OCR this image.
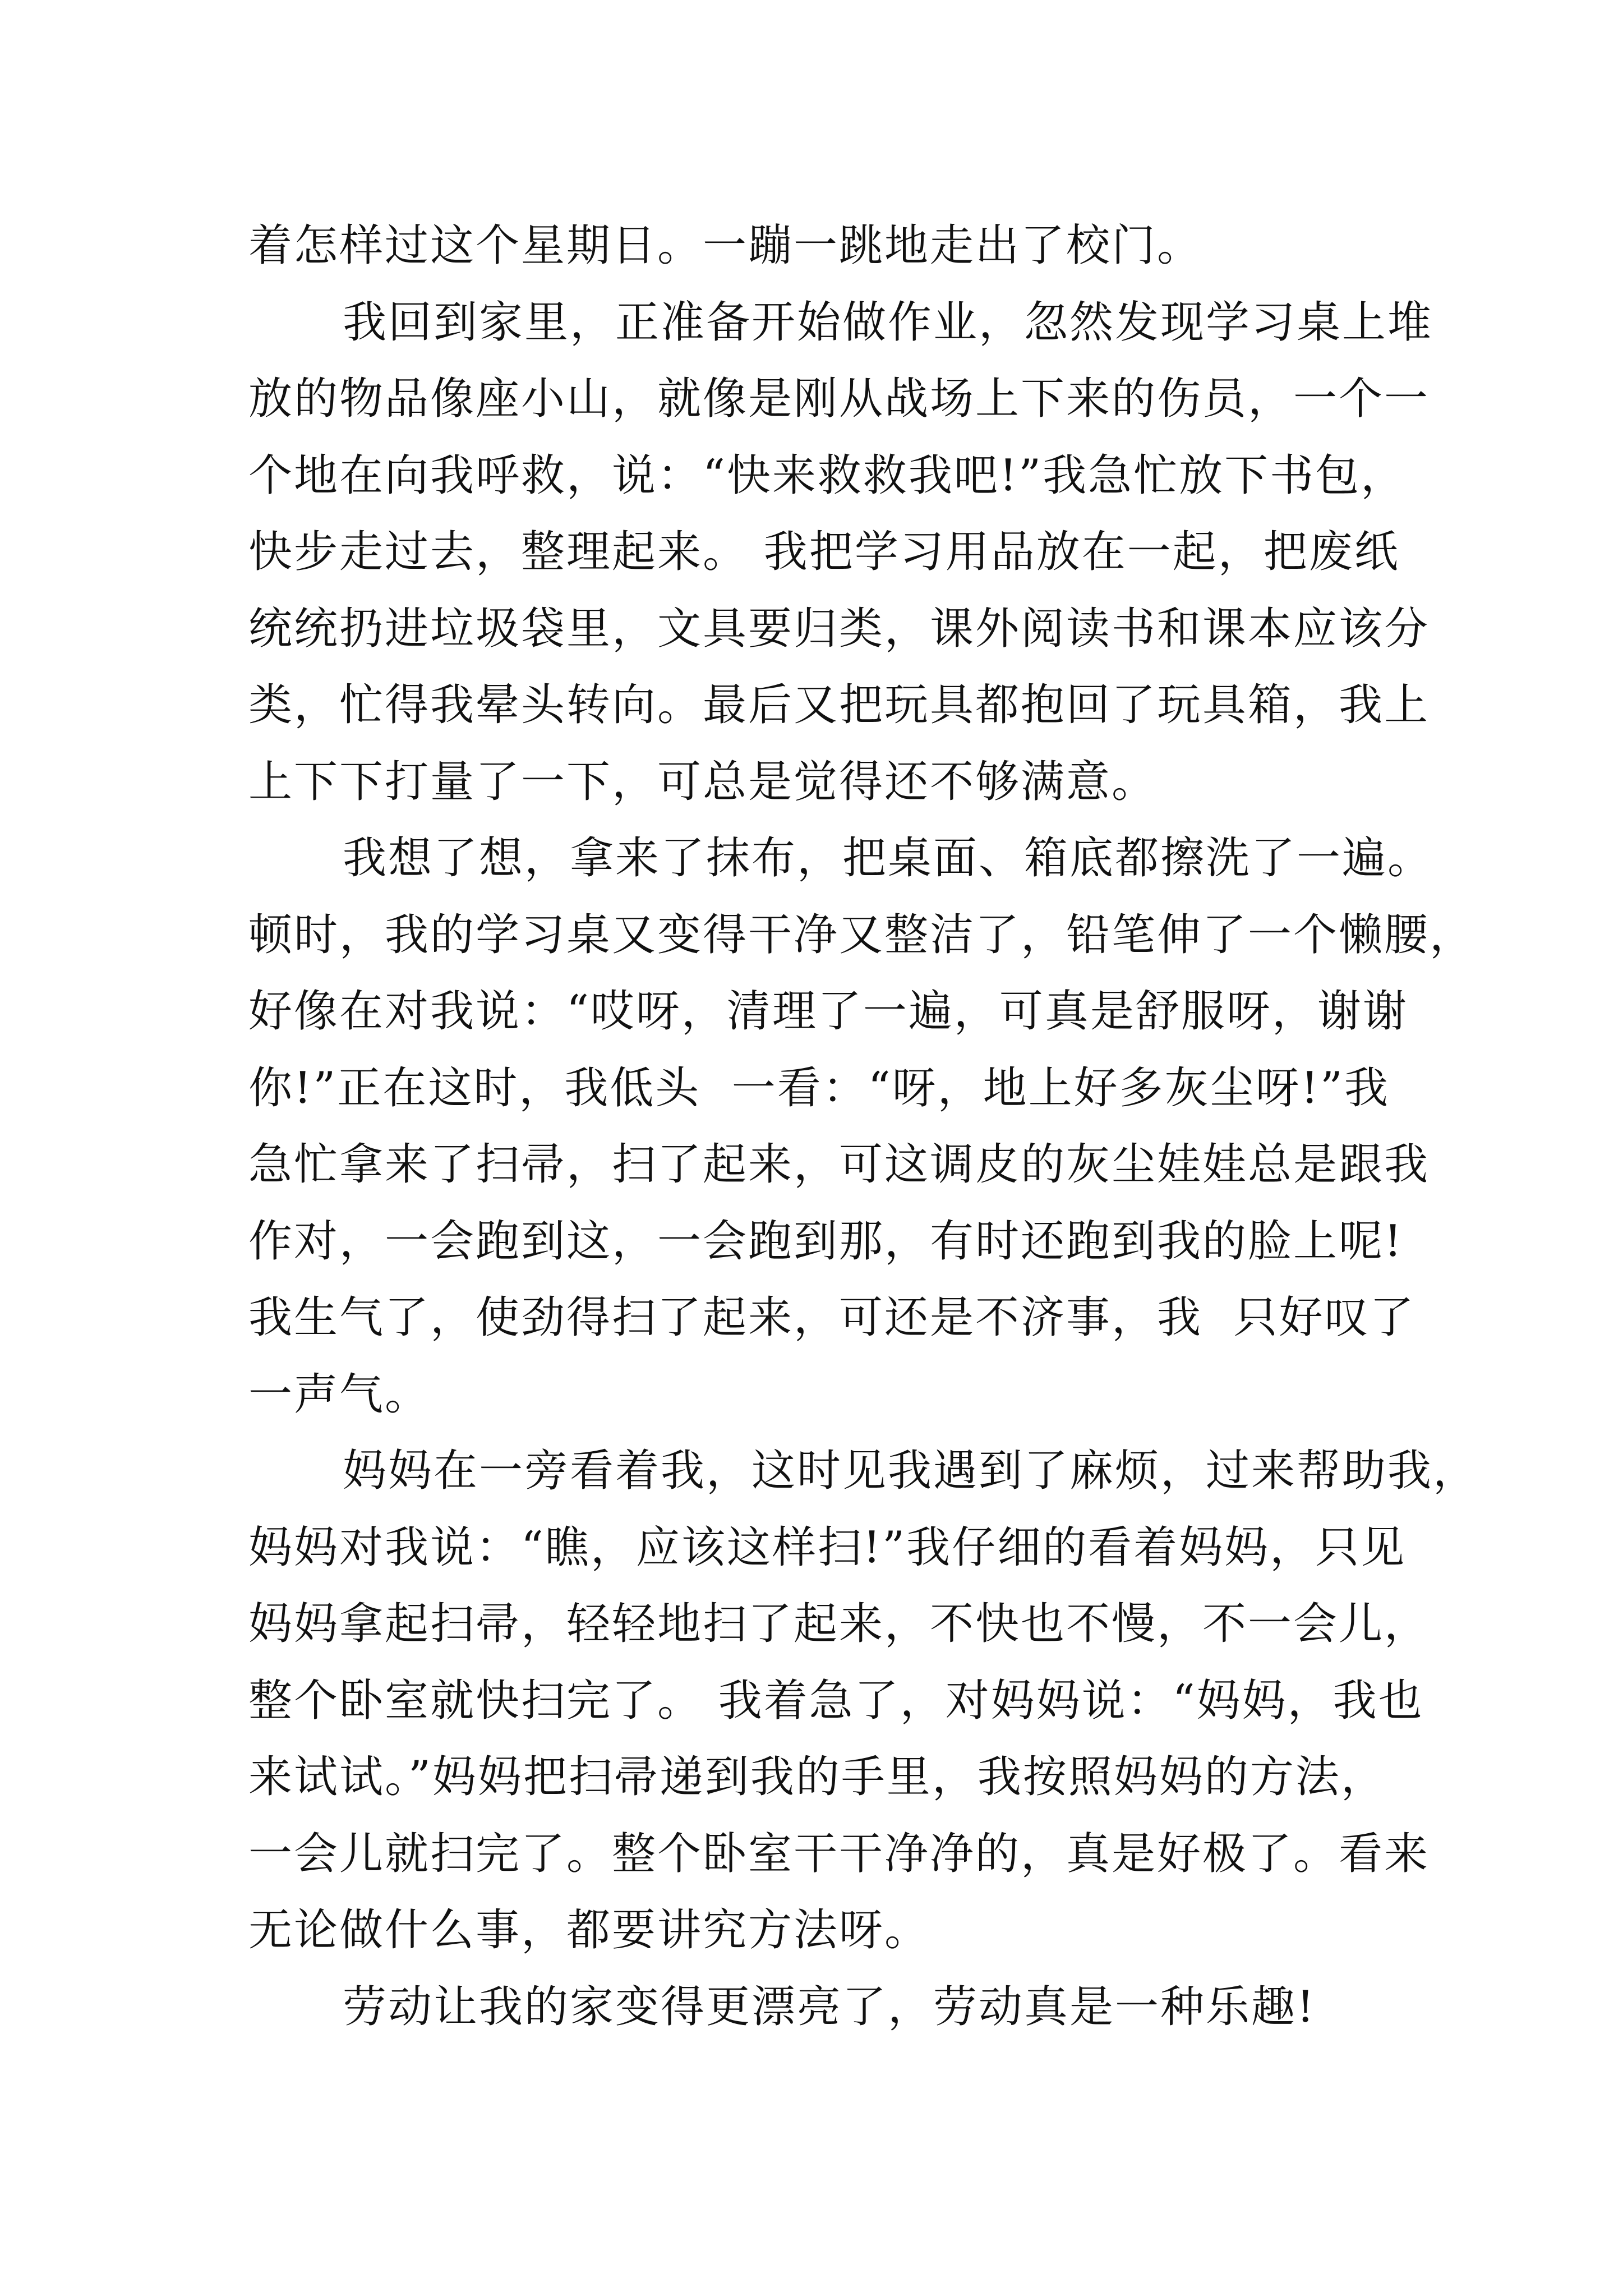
着怎样过这个星期日。一蹦一跳地走出了校门。
我回到家里，正准备开始做作业，忽然发现学习桌上堆
放的物品像座小山，就像是刚从战场上下来的伤员，一个一
个地在向我呼救，说：“快来救救我吧!”我急忙放下书包，
快步走过去，整理起来。 我把学习用品放在一起，把废纸
统统扔进垃圾袋里，文具要归类，课外阅读书和课本应该分
类，忙得我晕头转向。最后又把玩具都抱回了玩具箱，我上
上下下打量了一下，可总是觉得还不够满意。
我想了想，拿来了抹布，把桌面、箱底都擦洗了一遍。
顿时，我的学习桌又变得干净又整洁了，铅笔伸了一个懒腰，
好像在对我说：“哎呀，清理了一遍，可真是舒服呀，谢谢
你!”正在这时，我低头  一看：“呀，地上好多灰尘呀!”我
急忙拿来了扫帚，扫了起来，可这调皮的灰尘娃娃总是跟我
作对，一会跑到这，一会跑到那，有时还跑到我的脸上呢!
我生气了，使劲得扫了起来，可还是不济事，我  只好叹了
一声气。
妈妈在一旁看着我，这时见我遇到了麻烦，过来帮助我，
妈妈对我说：“瞧，应该这样扫!”我仔细的看着妈妈，只见
妈妈拿起扫帚，轻轻地扫了起来，不快也不慢，不一会儿，
整个卧室就快扫完了。 我着急了，对妈妈说：“妈妈，我也
来试试。”妈妈把扫帚递到我的手里，我按照妈妈的方法，
一会儿就扫完了。整个卧室干干净净的，真是好极了。看来
无论做什么事，都要讲究方法呀。
劳动让我的家变得更漂亮了，劳动真是一种乐趣!
